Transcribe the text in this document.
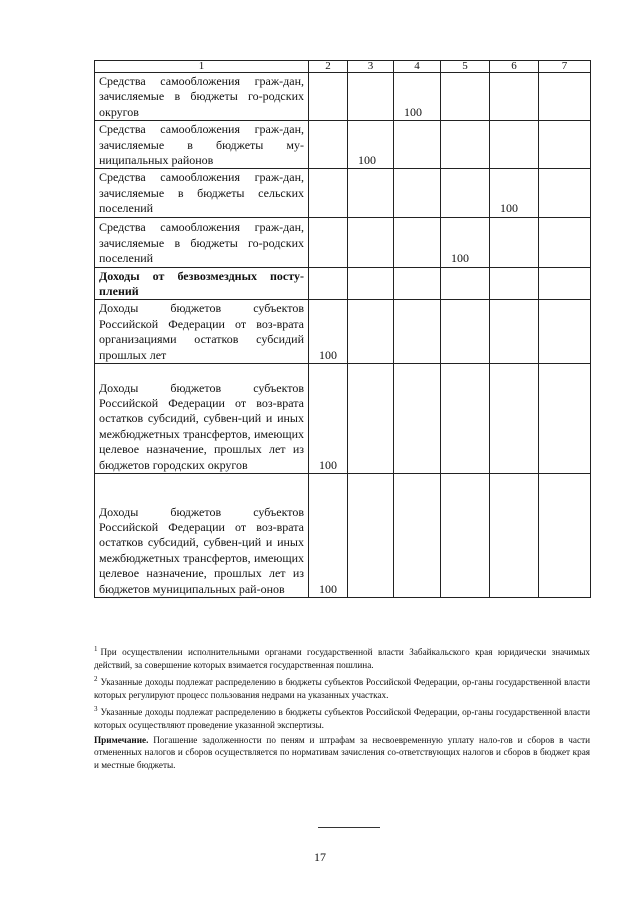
1	2	3	4	5	6	7
Средства самообложения граж-дан, зачисляемые в бюджеты го-родских округов			100			
Средства самообложения граж-дан, зачисляемые в бюджеты му-ниципальных районов		100				
Средства самообложения граж-дан, зачисляемые в бюджеты сельских поселений					100	
Средства самообложения граж-дан, зачисляемые в бюджеты го-родских поселений				100		
Доходы от безвозмездных посту-плений						
Доходы бюджетов субъектов Российской Федерации от воз-врата организациями остатков субсидий прошлых лет	100					
Доходы бюджетов субъектов Российской Федерации от воз-врата остатков субсидий, субвен-ций и иных межбюджетных трансфертов, имеющих целевое назначение, прошлых лет из бюджетов городских округов	100					
Доходы бюджетов субъектов Российской Федерации от воз-врата остатков субсидий, субвен-ций и иных межбюджетных трансфертов, имеющих целевое назначение, прошлых лет из бюджетов муниципальных рай-онов	100					

$^1$ При осуществлении исполнительными органами государственной власти Забайкальского края юридически значимых действий, за совершение которых взимается государственная пошлина.

$^2$ Указанные доходы подлежат распределению в бюджеты субъектов Российской Федерации, ор-ганы государственной власти которых регулируют процесс пользования недрами на указанных участках.

$^3$ Указанные доходы подлежат распределению в бюджеты субъектов Российской Федерации, ор-ганы государственной власти которых осуществляют проведение указанной экспертизы.

Примечание. Погашение задолженности по пеням и штрафам за несвоевременную уплату нало-гов и сборов в части отмененных налогов и сборов осуществляется по нормативам зачисления со-ответствующих налогов и сборов в бюджет края и местные бюджеты.

17
